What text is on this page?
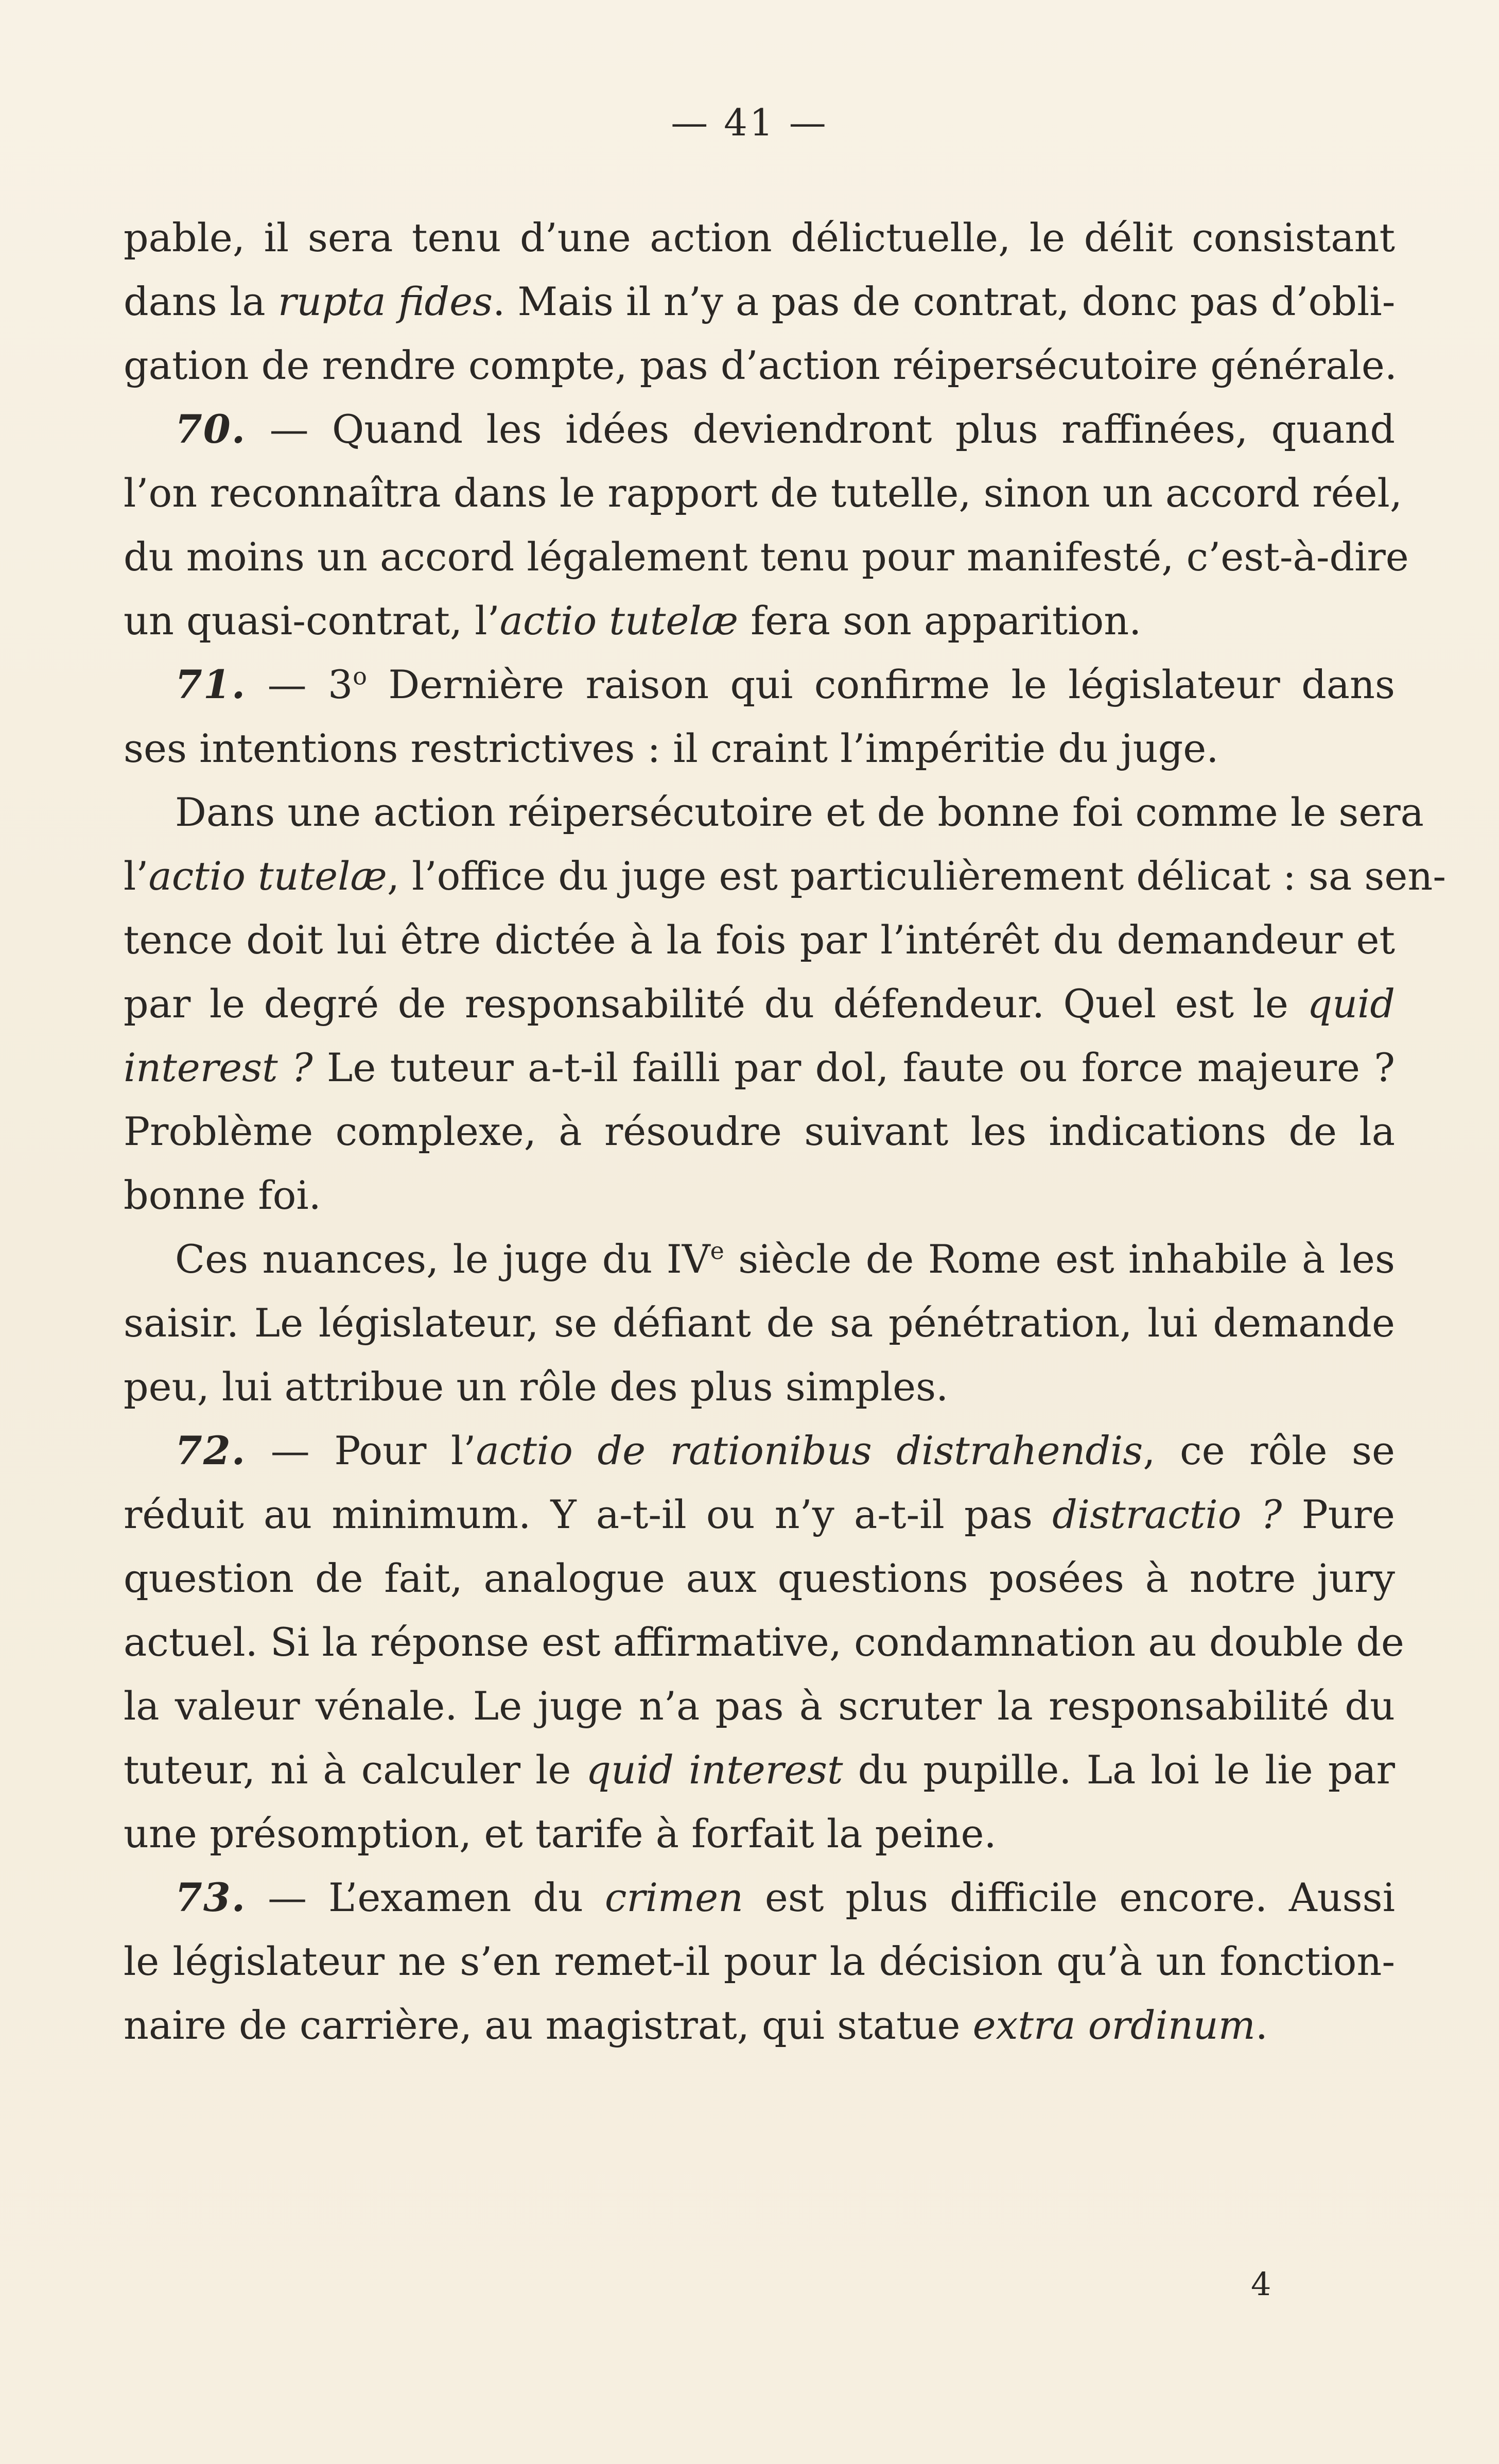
— 41 —
pable, il sera tenu d’une action délictuelle, le délit consistant
dans la rupta fides. Mais il n’y a pas de contrat, donc pas d’obli-
gation de rendre compte, pas d’action réipersécutoire générale.
70. — Quand les idées deviendront plus raffinées, quand
l’on reconnaîtra dans le rapport de tutelle, sinon un accord réel,
du moins un accord légalement tenu pour manifesté, c’est-à-dire
un quasi-contrat, l’actio tutelæ fera son apparition.
71. — 3$^o$ Dernière raison qui confirme le législateur dans
ses intentions restrictives : il craint l’impéritie du juge.
Dans une action réipersécutoire et de bonne foi comme le sera
l’actio tutelæ, l’office du juge est particulièrement délicat : sa sen-
tence doit lui être dictée à la fois par l’intérêt du demandeur et
par le degré de responsabilité du défendeur. Quel est le quid
interest ? Le tuteur a-t-il failli par dol, faute ou force majeure ?
Problème complexe, à résoudre suivant les indications de la
bonne foi.
Ces nuances, le juge du IVe siècle de Rome est inhabile à les
saisir. Le législateur, se défiant de sa pénétration, lui demande
peu, lui attribue un rôle des plus simples.
72. — Pour l’actio de rationibus distrahendis, ce rôle se
réduit au minimum. Y a-t-il ou n’y a-t-il pas distractio ? Pure
question de fait, analogue aux questions posées à notre jury
actuel. Si la réponse est affirmative, condamnation au double de
la valeur vénale. Le juge n’a pas à scruter la responsabilité du
tuteur, ni à calculer le quid interest du pupille. La loi le lie par
une présomption, et tarife à forfait la peine.
73. — L’examen du crimen est plus difficile encore. Aussi
le législateur ne s’en remet-il pour la décision qu’à un fonction-
naire de carrière, au magistrat, qui statue extra ordinum.
4
